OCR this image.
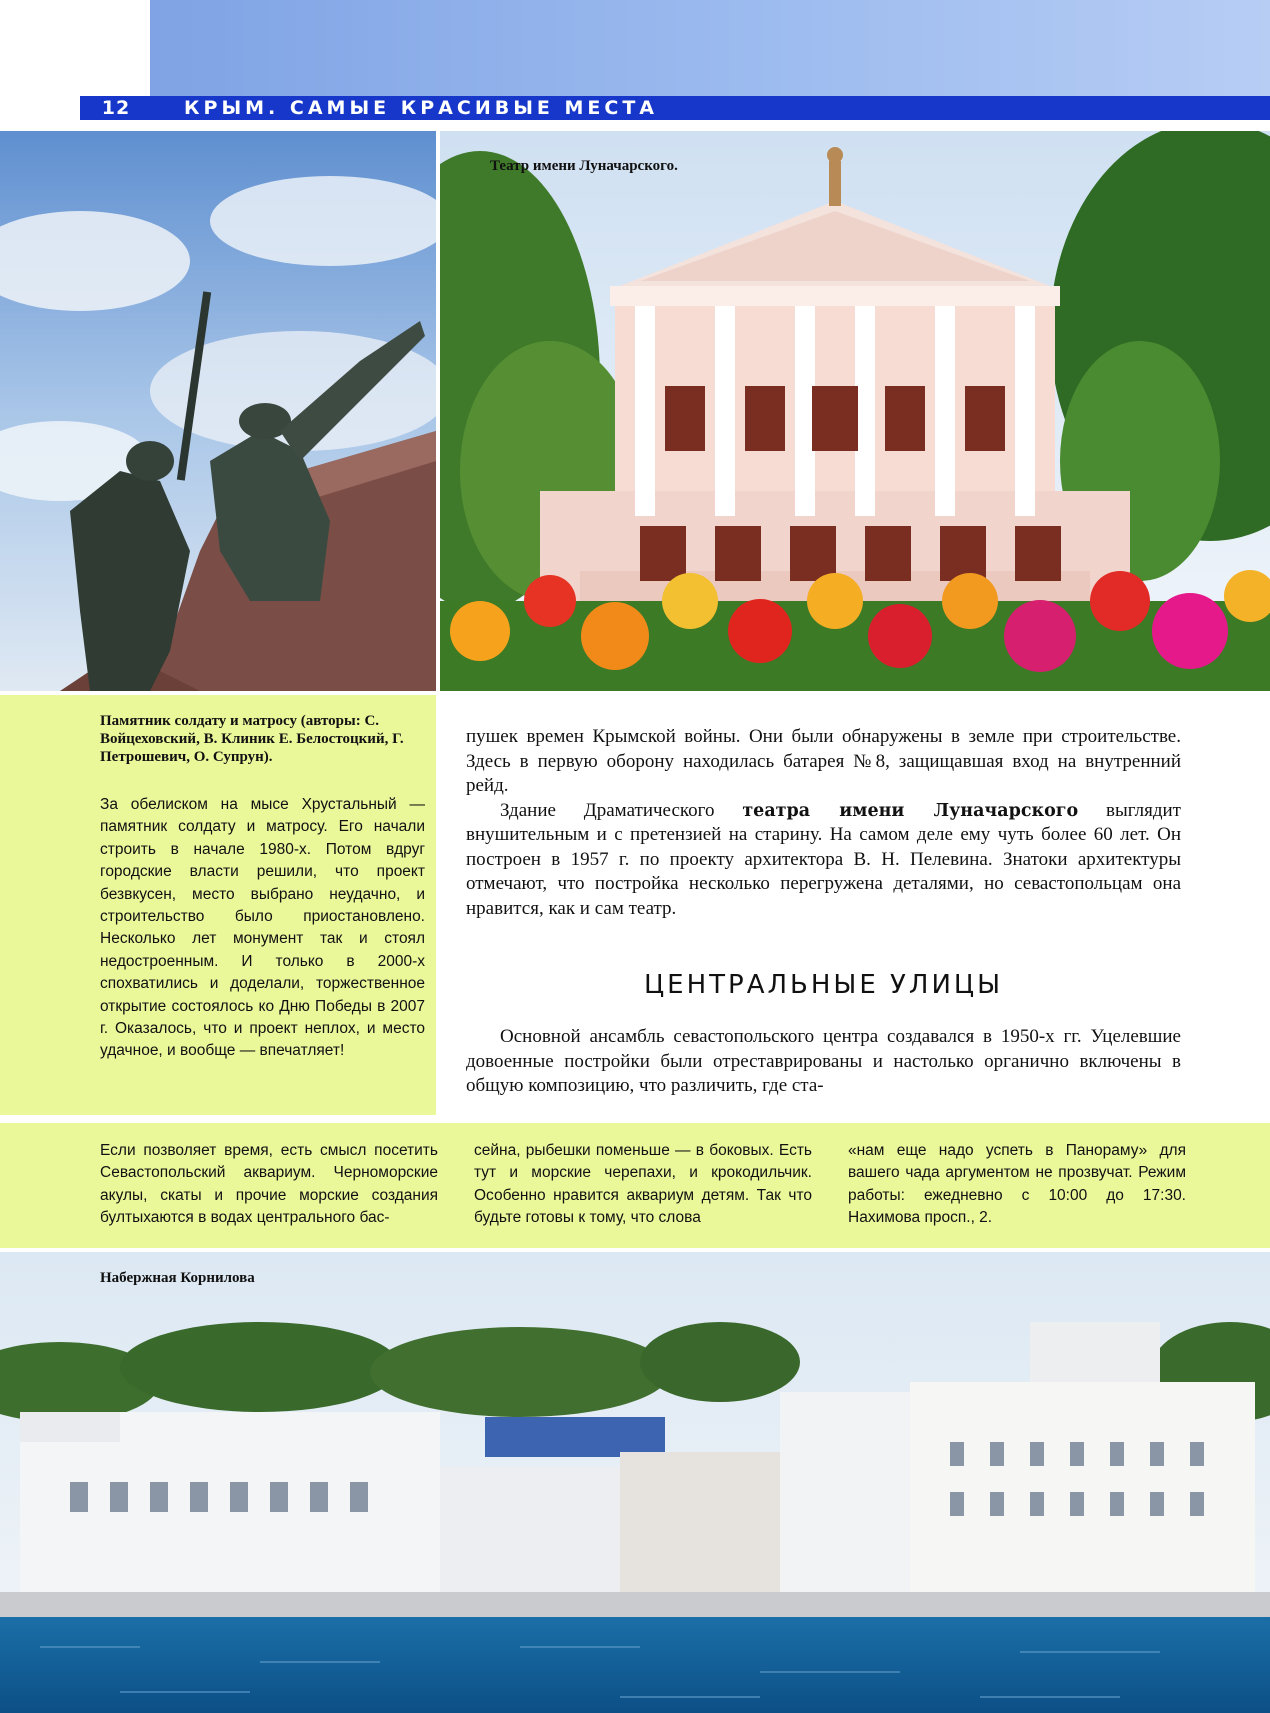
12	КРЫМ. САМЫЕ КРАСИВЫЕ МЕСТА
Театр имени Луначарского.
Памятник солдату и матросу (авторы: С. Войцеховский, В. Клиник Е. Белостоцкий, Г. Петрошевич, О. Супрун).
За обелиском на мысе Хрустальный — памятник солдату и матросу. Его начали строить в начале 1980-х. Потом вдруг городские власти решили, что проект безвкусен, место выбрано неудачно, и строительство было приостановлено. Несколько лет монумент так и стоял недостроенным. И только в 2000-х спохватились и доделали, торжественное открытие состоялось ко Дню Победы в 2007 г. Оказалось, что и проект неплох, и место удачное, и вообще — впечатляет!

пушек времен Крымской войны. Они были обнаружены в земле при строительстве. Здесь в первую оборону находилась батарея №8, защищавшая вход на внутренний рейд.

Здание Драматического театра имени Луначарского выглядит внушительным и с претензией на старину. На самом деле ему чуть более 60 лет. Он построен в 1957 г. по проекту архитектора В. Н. Пелевина. Знатоки архитектуры отмечают, что постройка несколько перегружена деталями, но севастопольцам она нравится, как и сам театр.

ЦЕНТРАЛЬНЫЕ УЛИЦЫ

Основной ансамбль севастопольского центра создавался в 1950-х гг. Уцелевшие довоенные постройки были отреставрированы и настолько органично включены в общую композицию, что различить, где ста-

Если позволяет время, есть смысл посетить Севастопольский аквариум. Черноморские акулы, скаты и прочие морские создания бултыхаются в водах центрального бас-
сейна, рыбешки поменьше — в боковых. Есть тут и морские черепахи, и крокодильчик. Особенно нравится аквариум детям. Так что будьте готовы к тому, что слова
«нам еще надо успеть в Панораму» для вашего чада аргументом не прозвучат. Режим работы: ежедневно с 10:00 до 17:30. Нахимова просп., 2.
Набержная Корнилова
